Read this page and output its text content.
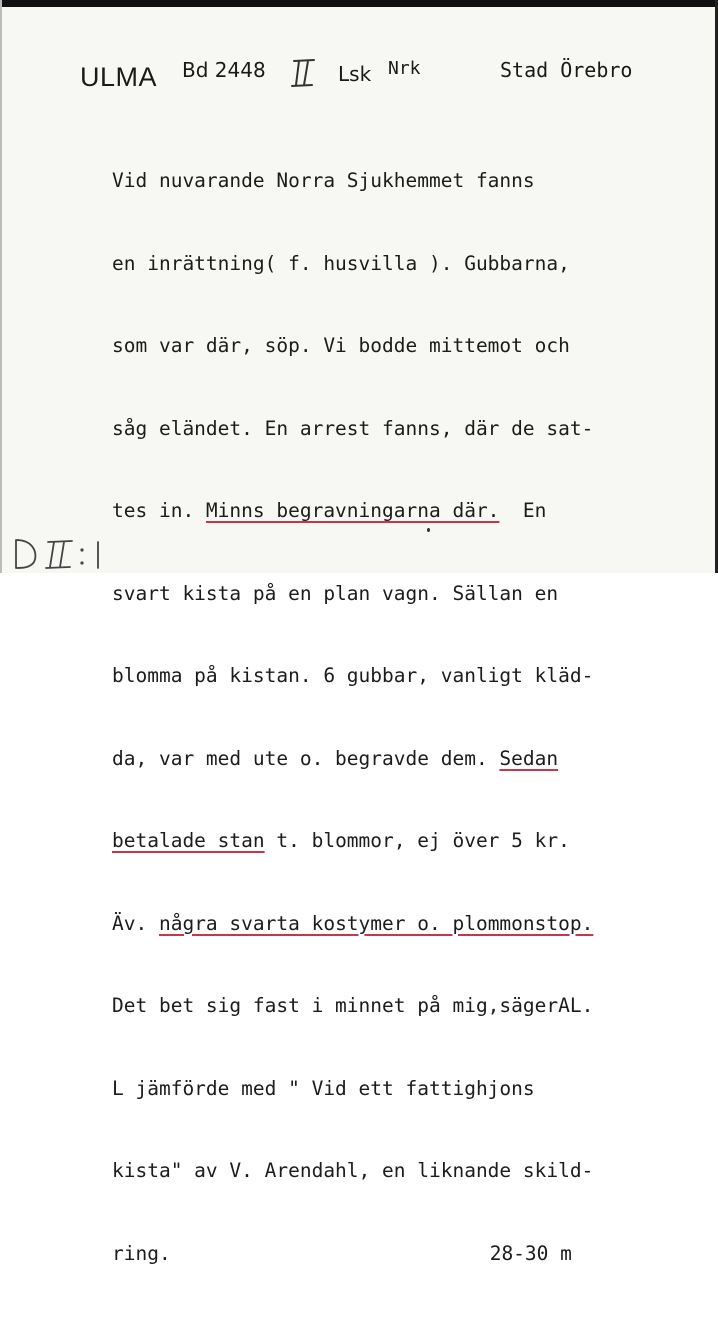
ULMA Bd 2448	Lsk Nrk	Stad Örebro

Vid nuvarande Norra Sjukhemmet fanns

en inrättning( f. husvilla ). Gubbarna,

som var där, söp. Vi bodde mittemot och

såg eländet. En arrest fanns, där de sat-

tes in. Minns begravningarna där.  En

svart kista på en plan vagn. Sällan en

blomma på kistan. 6 gubbar, vanligt kläd-

da, var med ute o. begravde dem. Sedan

betalade stan t. blommor, ej över 5 kr.

Äv. några svarta kostymer o. plommonstop.

Det bet sig fast i minnet på mig,sägerAL.

L jämförde med " Vid ett fattighjons

kista" av V. Arendahl, en liknande skild-

ring.	28-30 m
